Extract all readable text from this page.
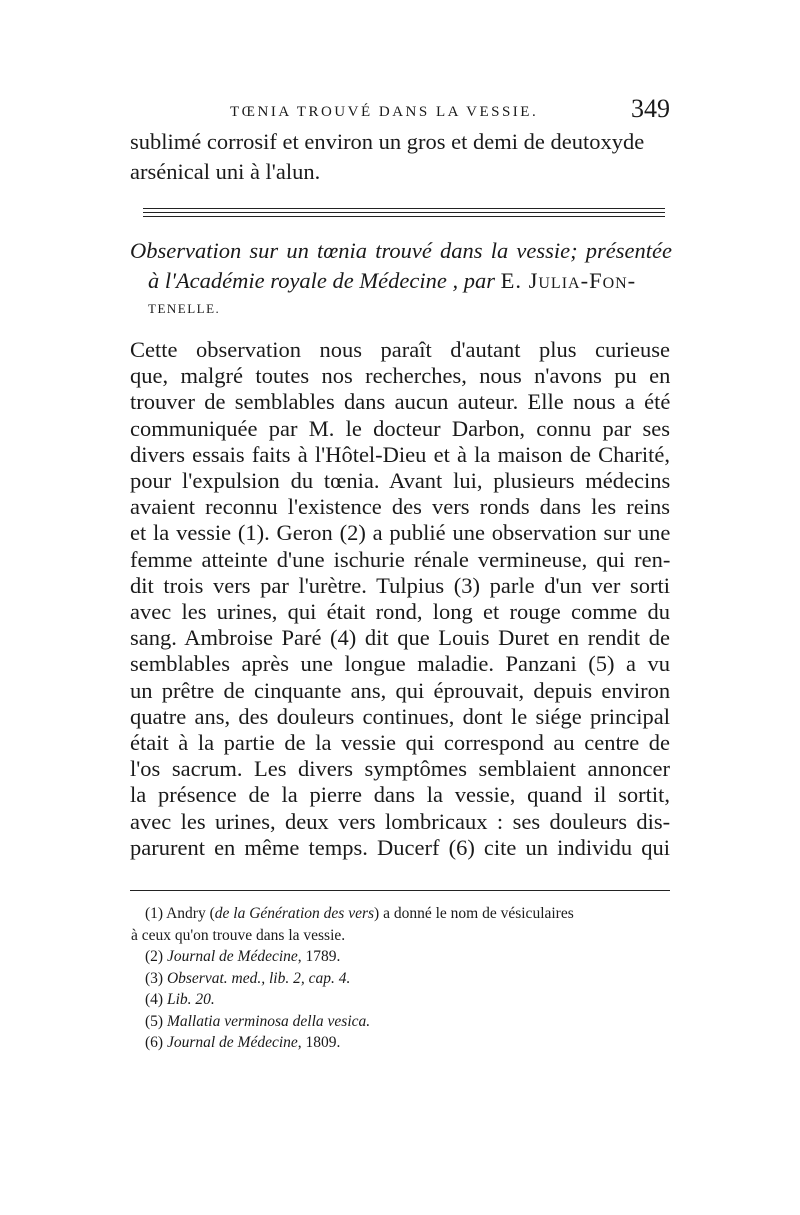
TŒNIA TROUVÉ DANS LA VESSIE.	349
sublimé corrosif et environ un gros et demi de deutoxyde
arsénical uni à l'alun.
Observation sur un tœnia trouvé dans la vessie; présentée
à l'Académie royale de Médecine , par E. Julia-Fon-
TENELLE.
Cette observation nous paraît d'autant plus curieuse
que, malgré toutes nos recherches, nous n'avons pu en
trouver de semblables dans aucun auteur. Elle nous a été
communiquée par M. le docteur Darbon, connu par ses
divers essais faits à l'Hôtel-Dieu et à la maison de Charité,
pour l'expulsion du tœnia. Avant lui, plusieurs médecins
avaient reconnu l'existence des vers ronds dans les reins
et la vessie (1). Geron (2) a publié une observation sur une
femme atteinte d'une ischurie rénale vermineuse, qui ren-
dit trois vers par l'urètre. Tulpius (3) parle d'un ver sorti
avec les urines, qui était rond, long et rouge comme du
sang. Ambroise Paré (4) dit que Louis Duret en rendit de
semblables après une longue maladie. Panzani (5) a vu
un prêtre de cinquante ans, qui éprouvait, depuis environ
quatre ans, des douleurs continues, dont le siége principal
était à la partie de la vessie qui correspond au centre de
l'os sacrum. Les divers symptômes semblaient annoncer
la présence de la pierre dans la vessie, quand il sortit,
avec les urines, deux vers lombricaux : ses douleurs dis-
parurent en même temps. Ducerf (6) cite un individu qui
(1) Andry (de la Génération des vers) a donné le nom de vésiculaires
à ceux qu'on trouve dans la vessie.
(2) Journal de Médecine, 1789.
(3) Observat. med., lib. 2, cap. 4.
(4) Lib. 20.
(5) Mallatia verminosa della vesica.
(6) Journal de Médecine, 1809.
